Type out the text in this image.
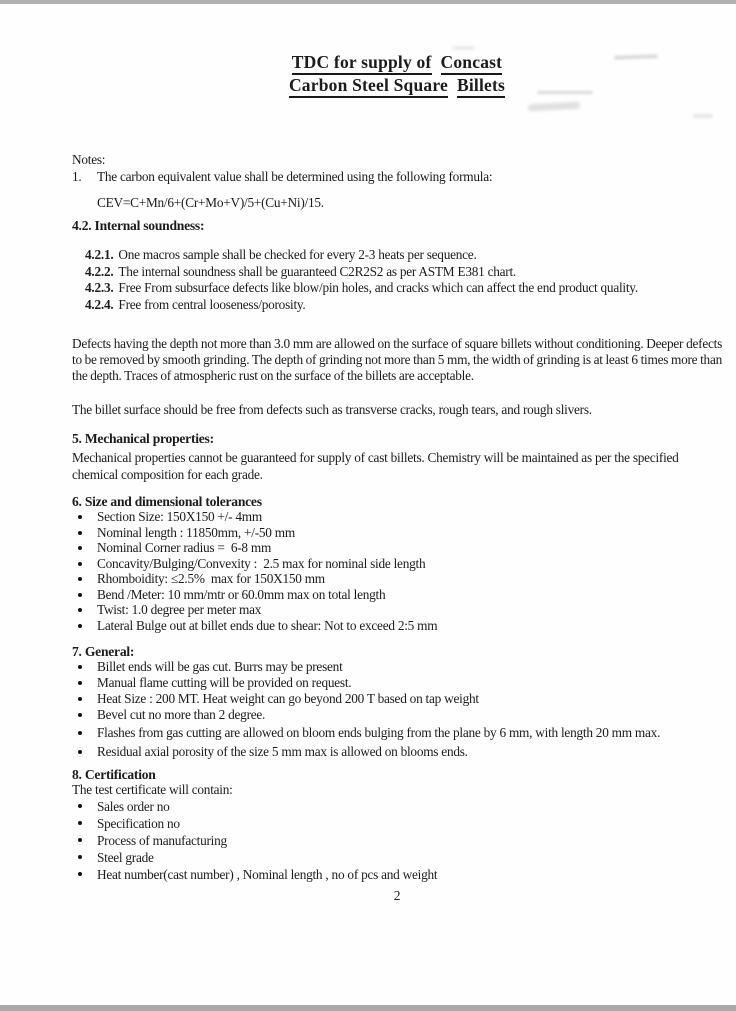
TDC for supply of Concast
Carbon Steel Square Billets
Notes:
1.	The carbon equivalent value shall be determined using the following formula:
CEV=C+Mn/6+(Cr+Mo+V)/5+(Cu+Ni)/15.
4.2. Internal soundness:
4.2.1. One macros sample shall be checked for every 2-3 heats per sequence.
4.2.2. The internal soundness shall be guaranteed C2R2S2 as per ASTM E381 chart.
4.2.3. Free From subsurface defects like blow/pin holes, and cracks which can affect the end product quality.
4.2.4. Free from central looseness/porosity.
Defects having the depth not more than 3.0 mm are allowed on the surface of square billets without conditioning. Deeper defects to be removed by smooth grinding. The depth of grinding not more than 5 mm, the width of grinding is at least 6 times more than the depth. Traces of atmospheric rust on the surface of the billets are acceptable.
The billet surface should be free from defects such as transverse cracks, rough tears, and rough slivers.
5. Mechanical properties:
Mechanical properties cannot be guaranteed for supply of cast billets. Chemistry will be maintained as per the specified chemical composition for each grade.
6. Size and dimensional tolerances
Section Size: 150X150 +/- 4mm
Nominal length : 11850mm, +/-50 mm
Nominal Corner radius =  6-8 mm
Concavity/Bulging/Convexity :  2.5 max for nominal side length
Rhomboidity: ≤2.5%  max for 150X150 mm
Bend /Meter: 10 mm/mtr or 60.0mm max on total length
Twist: 1.0 degree per meter max
Lateral Bulge out at billet ends due to shear: Not to exceed 2:5 mm
7. General:
Billet ends will be gas cut. Burrs may be present
Manual flame cutting will be provided on request.
Heat Size : 200 MT. Heat weight can go beyond 200 T based on tap weight
Bevel cut no more than 2 degree.
Flashes from gas cutting are allowed on bloom ends bulging from the plane by 6 mm, with length 20 mm max.
Residual axial porosity of the size 5 mm max is allowed on blooms ends.
8. Certification
The test certificate will contain:
Sales order no
Specification no
Process of manufacturing
Steel grade
Heat number(cast number) , Nominal length , no of pcs and weight
2
